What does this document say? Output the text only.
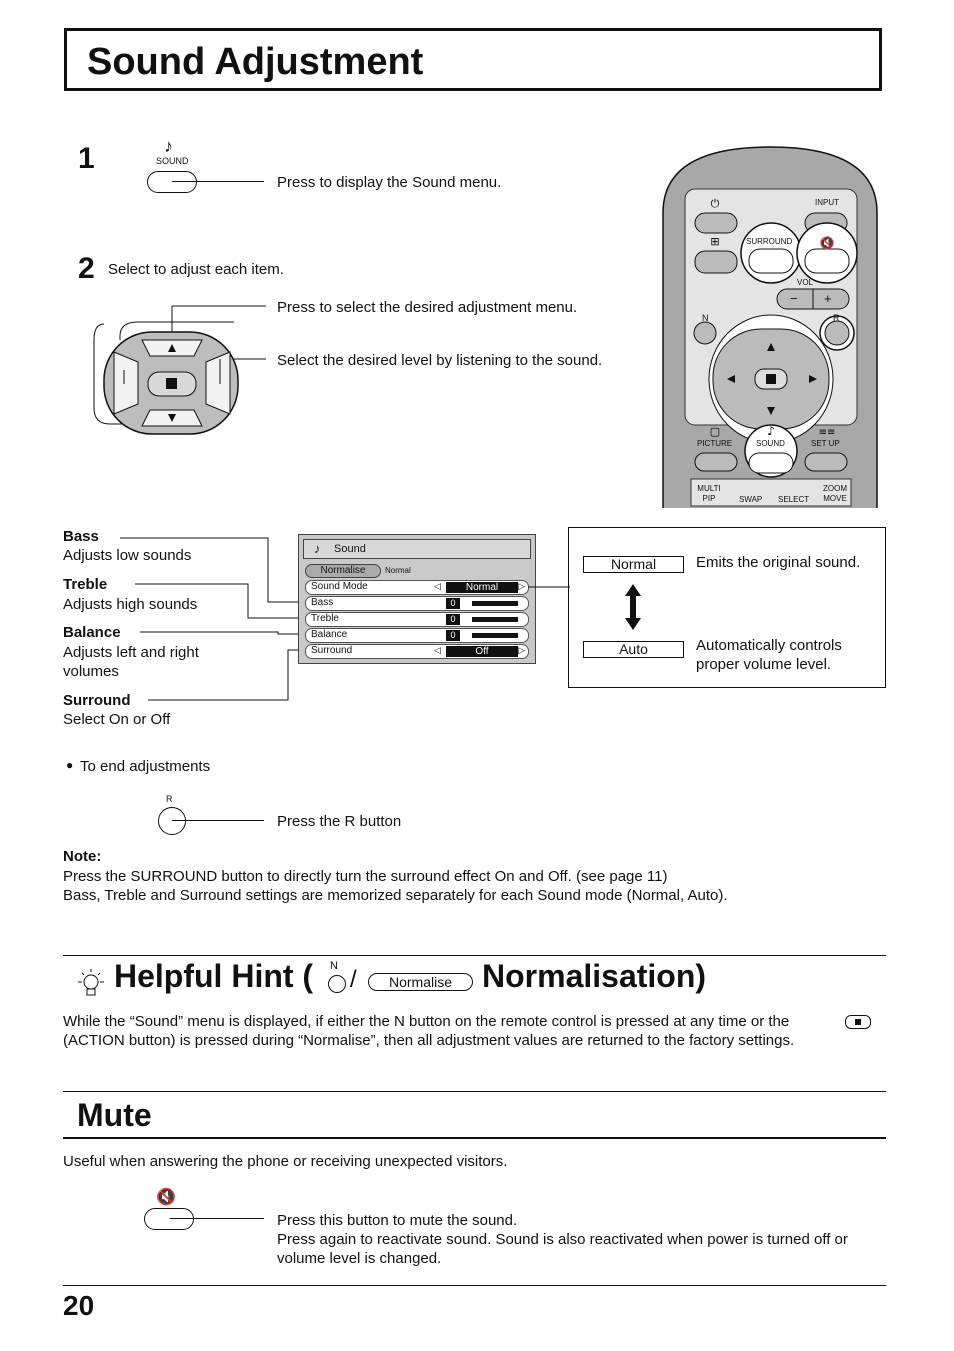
Sound Adjustment
1	♪
SOUND
Press to display the Sound menu.
2 Select to adjust each item.
Press to select the desired adjustment menu.
Select the desired level by listening to the sound.
⏻
⊞	🔇
♪
▢	≡≡
INPUT
SURROUND
VOL
− +
N	R
PICTURE	SOUND	SET UP
MULTI PIP	SWAP SELECT
ZOOM MOVE
Bass
Adjusts low sounds
Treble
Adjusts high sounds
Balance
Adjusts left and right volumes
Surround
Select On or Off
♪ Sound
Normalise	Normal
Sound Mode	◁	Normal	▷
Bass	0
Treble	0
Balance	0
Surround	◁	Off	▷
Normal	Emits the original sound.
Auto	Automatically controls proper volume level.
● To end adjustments
R
Press the R button
Note:
Press the SURROUND button to directly turn the surround effect On and Off. (see page 11)
Bass, Treble and Surround settings are memorized separately for each Sound mode (Normal, Auto).
Helpful Hint ( N /	Normalise Normalisation)
While the “Sound” menu is displayed, if either the N button on the remote control is pressed at any time or the
(ACTION button) is pressed during “Normalise”, then all adjustment values are returned to the factory settings.
Mute
Useful when answering the phone or receiving unexpected visitors.
🔇
Press this button to mute the sound.
Press again to reactivate sound. Sound is also reactivated when power is turned off or volume level is changed.
20
